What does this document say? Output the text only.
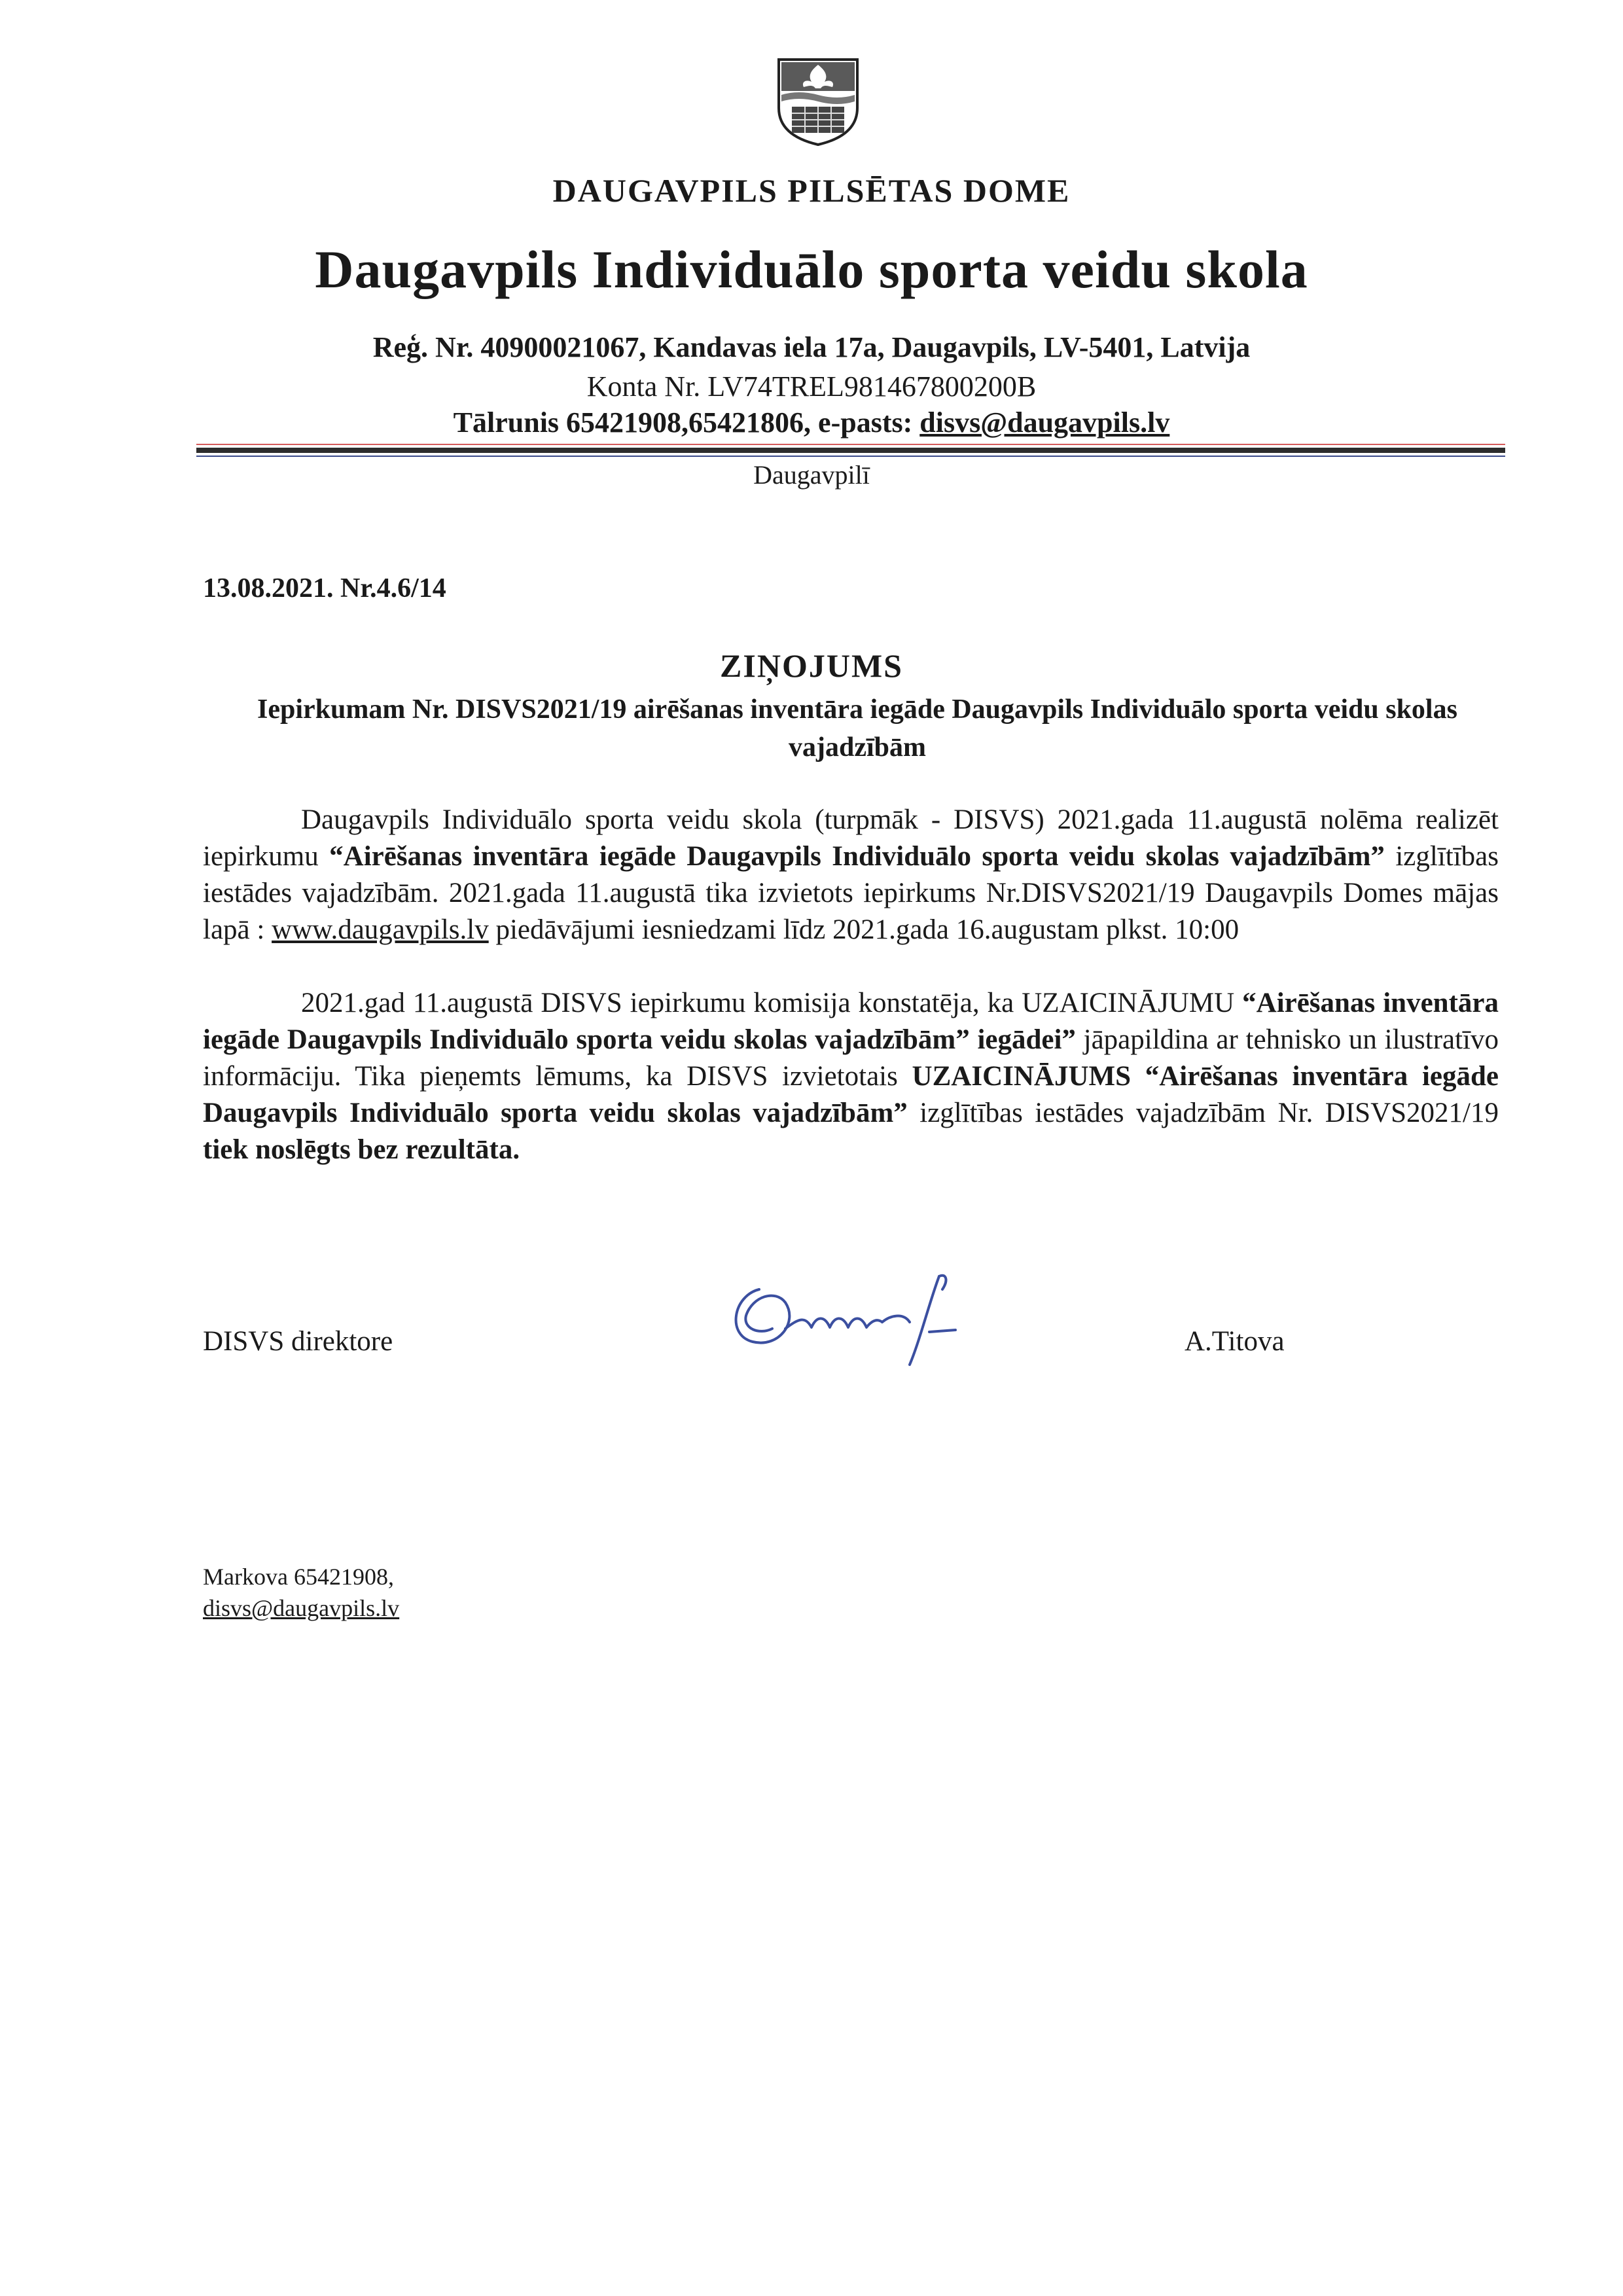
DAUGAVPILS PILSĒTAS DOME
Daugavpils Individuālo sporta veidu skola
Reģ. Nr. 40900021067, Kandavas iela 17a, Daugavpils, LV-5401, Latvija
Konta Nr. LV74TREL981467800200B
Tālrunis 65421908,65421806, e-pasts: disvs@daugavpils.lv
Daugavpilī
13.08.2021. Nr.4.6/14
ZIŅOJUMS
Iepirkumam Nr. DISVS2021/19 airēšanas inventāra iegāde Daugavpils Individuālo sporta veidu skolas vajadzībām
Daugavpils Individuālo sporta veidu skola (turpmāk - DISVS) 2021.gada 11.augustā nolēma realizēt iepirkumu “Airēšanas inventāra iegāde Daugavpils Individuālo sporta veidu skolas vajadzībām” izglītības iestādes vajadzībām. 2021.gada 11.augustā tika izvietots iepirkums Nr.DISVS2021/19 Daugavpils Domes mājas lapā : www.daugavpils.lv piedāvājumi iesniedzami līdz 2021.gada 16.augustam plkst. 10:00
2021.gad 11.augustā DISVS iepirkumu komisija konstatēja, ka UZAICINĀJUMU “Airēšanas inventāra iegāde Daugavpils Individuālo sporta veidu skolas vajadzībām” iegādei” jāpapildina ar tehnisko un ilustratīvo informāciju. Tika pieņemts lēmums, ka DISVS izvietotais UZAICINĀJUMS “Airēšanas inventāra iegāde Daugavpils Individuālo sporta veidu skolas vajadzībām” izglītības iestādes vajadzībām Nr. DISVS2021/19 tiek noslēgts bez rezultāta.
DISVS direktore	A.Titova
Markova 65421908,
disvs@daugavpils.lv
